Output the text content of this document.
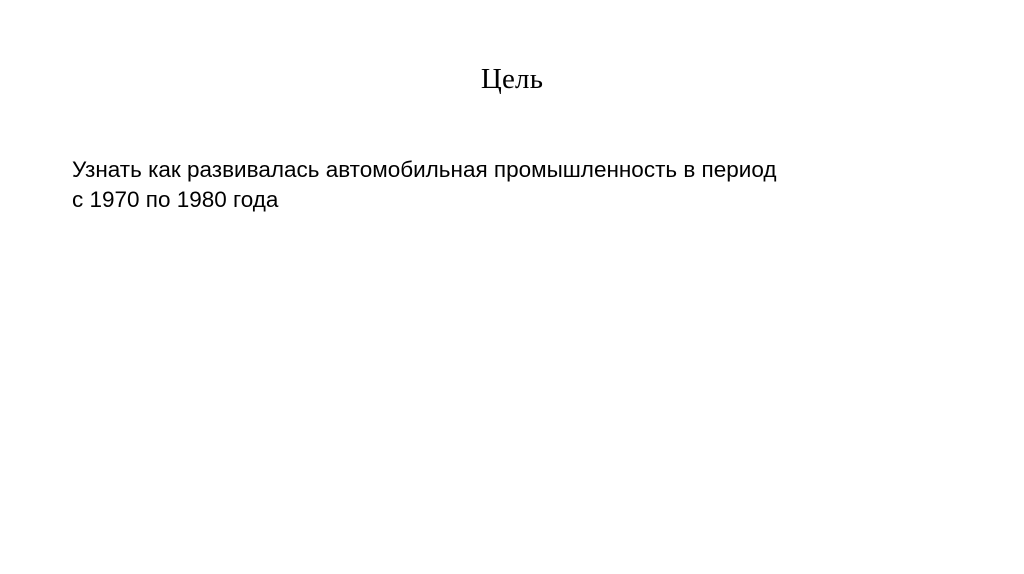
Цель

Узнать как развивалась автомобильная промышленность в период

с 1970 по 1980 года
